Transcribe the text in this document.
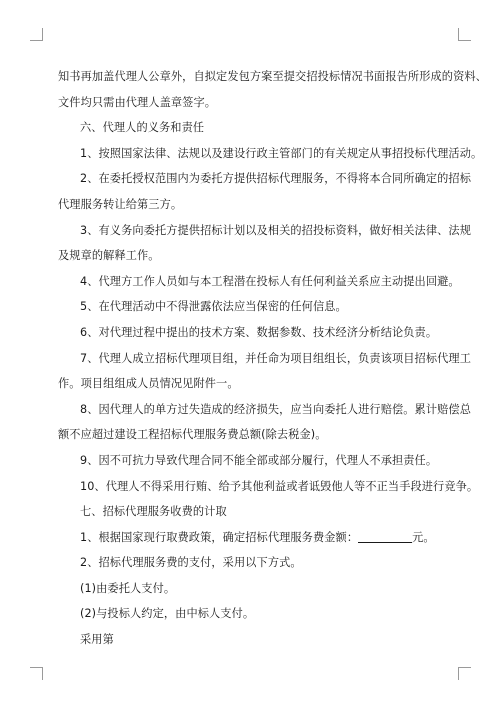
知书再加盖代理人公章外，自拟定发包方案至提交招投标情况书面报告所形成的资料、
文件均只需由代理人盖章签字。
六、代理人的义务和责任
1、按照国家法律、法规以及建设行政主管部门的有关规定从事招投标代理活动。
2、在委托授权范围内为委托方提供招标代理服务，不得将本合同所确定的招标
代理服务转让给第三方。
3、有义务向委托方提供招标计划以及相关的招投标资料，做好相关法律、法规
及规章的解释工作。
4、代理方工作人员如与本工程潜在投标人有任何利益关系应主动提出回避。
5、在代理活动中不得泄露依法应当保密的任何信息。
6、对代理过程中提出的技术方案、数据参数、技术经济分析结论负责。
7、代理人成立招标代理项目组，并任命为项目组组长，负责该项目招标代理工
作。项目组组成人员情况见附件一。
8、因代理人的单方过失造成的经济损失，应当向委托人进行赔偿。累计赔偿总
额不应超过建设工程招标代理服务费总额(除去税金)。
9、因不可抗力导致代理合同不能全部或部分履行，代理人不承担责任。
10、代理人不得采用行贿、给予其他利益或者诋毁他人等不正当手段进行竞争。
七、招标代理服务收费的计取
1、根据国家现行取费政策，确定招标代理服务费金额：	元。
2、招标代理服务费的支付，采用以下方式。
(1)由委托人支付。
(2)与投标人约定，由中标人支付。
采用第
